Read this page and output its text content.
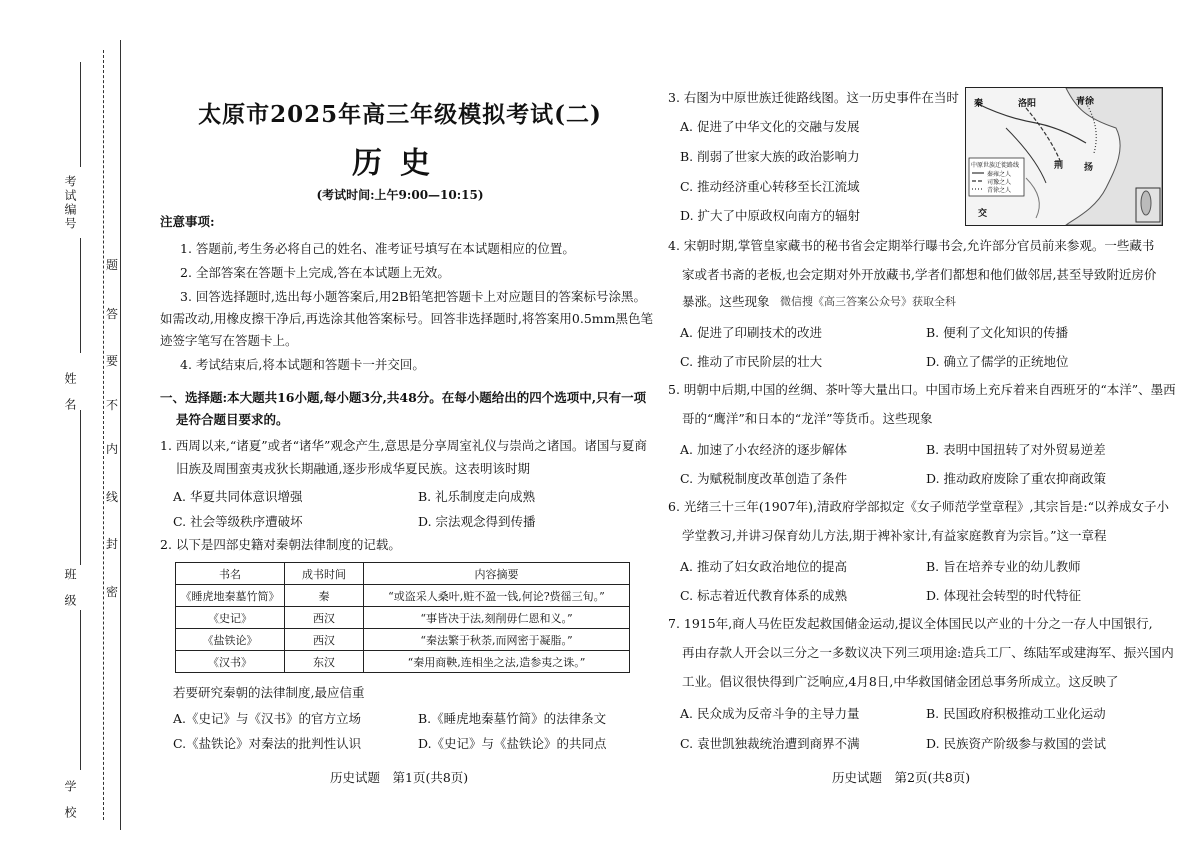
考试编号
姓名
班级
学校
题
答
要
不
内
线
封
密
太原市2025年高三年级模拟考试(二)
历史
(考试时间:上午9:00—10:15)
注意事项:
1. 答题前,考生务必将自己的姓名、准考证号填写在本试题相应的位置。
2. 全部答案在答题卡上完成,答在本试题上无效。
3. 回答选择题时,选出每小题答案后,用2B铅笔把答题卡上对应题目的答案标号涂黑。
如需改动,用橡皮擦干净后,再选涂其他答案标号。回答非选择题时,将答案用0.5mm黑色笔
迹签字笔写在答题卡上。
4. 考试结束后,将本试题和答题卡一并交回。
一、选择题:本大题共16小题,每小题3分,共48分。在每小题给出的四个选项中,只有一项
是符合题目要求的。
1. 西周以来,“诸夏”或者“诸华”观念产生,意思是分享周室礼仪与崇尚之诸国。诸国与夏商
旧族及周围蛮夷戎狄长期融通,逐步形成华夏民族。这表明该时期
A. 华夏共同体意识增强	B. 礼乐制度走向成熟
C. 社会等级秩序遭破坏	D. 宗法观念得到传播
2. 以下是四部史籍对秦朝法律制度的记载。
书名	成书时间	内容摘要
《睡虎地秦墓竹简》	秦	“或盗采人桑叶,赃不盈一钱,何论?赀徭三旬。”
《史记》	西汉	“事皆决于法,刻削毋仁恩和义。”
《盐铁论》	西汉	“秦法繁于秋荼,而网密于凝脂。”
《汉书》	东汉	“秦用商鞅,连相坐之法,造参夷之诛。”
若要研究秦朝的法律制度,最应信重
A.《史记》与《汉书》的官方立场	B.《睡虎地秦墓竹简》的法律条文
C.《盐铁论》对秦法的批判性认识	D.《史记》与《盐铁论》的共同点
历史试题　第1页(共8页)
3. 右图为中原世族迁徙路线图。这一历史事件在当时
A. 促进了中华文化的交融与发展
B. 削弱了世家大族的政治影响力
C. 推动经济重心转移至长江流域
D. 扩大了中原政权向南方的辐射
秦	洛阳	青徐
荆 扬
交
中原世族迁徙路线
秦雍之人
司豫之人
青徐之人
4. 宋朝时期,掌管皇家藏书的秘书省会定期举行曝书会,允许部分官员前来参观。一些藏书
家或者书斋的老板,也会定期对外开放藏书,学者们都想和他们做邻居,甚至导致附近房价
暴涨。这些现象 微信搜《高三答案公众号》获取全科
A. 促进了印刷技术的改进	B. 便利了文化知识的传播
C. 推动了市民阶层的壮大	D. 确立了儒学的正统地位
5. 明朝中后期,中国的丝绸、茶叶等大量出口。中国市场上充斥着来自西班牙的“本洋”、墨西
哥的“鹰洋”和日本的“龙洋”等货币。这些现象
A. 加速了小农经济的逐步解体	B. 表明中国扭转了对外贸易逆差
C. 为赋税制度改革创造了条件	D. 推动政府废除了重农抑商政策
6. 光绪三十三年(1907年),清政府学部拟定《女子师范学堂章程》,其宗旨是:“以养成女子小
学堂教习,并讲习保育幼儿方法,期于裨补家计,有益家庭教育为宗旨。”这一章程
A. 推动了妇女政治地位的提高	B. 旨在培养专业的幼儿教师
C. 标志着近代教育体系的成熟	D. 体现社会转型的时代特征
7. 1915年,商人马佐臣发起救国储金运动,提议全体国民以产业的十分之一存人中国银行,
再由存款人开会以三分之一多数议决下列三项用途:造兵工厂、练陆军或建海军、振兴国内
工业。倡议很快得到广泛响应,4月8日,中华救国储金团总事务所成立。这反映了
A. 民众成为反帝斗争的主导力量	B. 民国政府积极推动工业化运动
C. 袁世凯独裁统治遭到商界不满	D. 民族资产阶级参与救国的尝试
历史试题　第2页(共8页)
